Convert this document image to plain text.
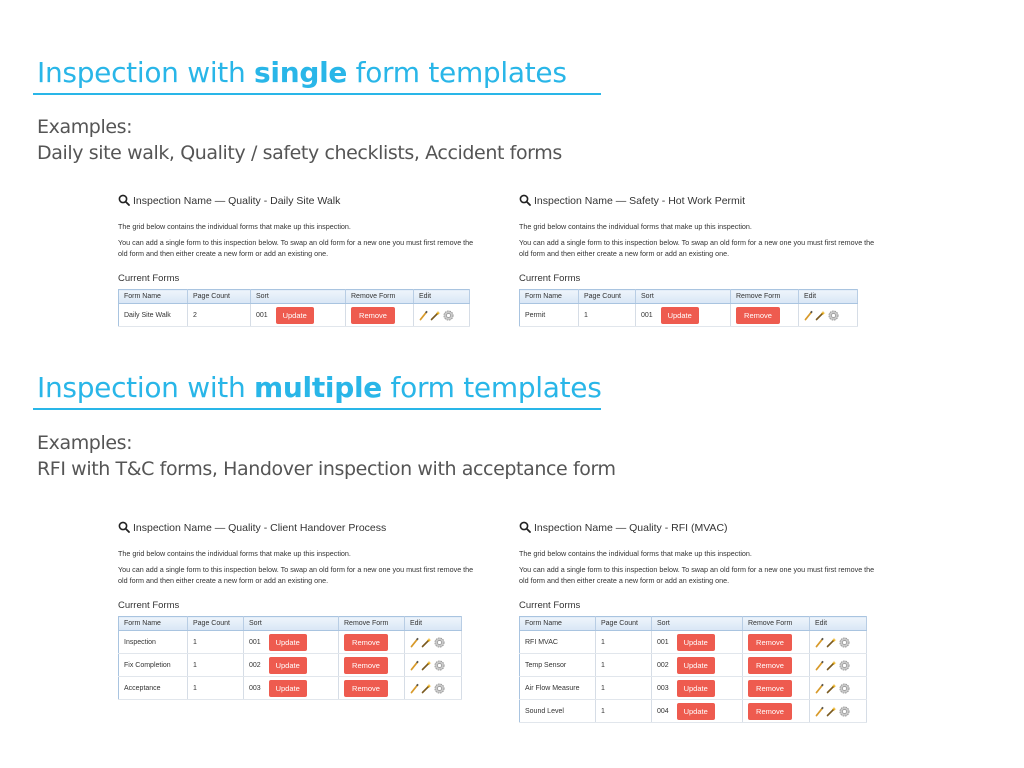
Inspection with single form templates
Examples:
Daily site walk, Quality / safety checklists, Accident forms
Inspection with multiple form templates
Examples:
RFI with T&C forms, Handover inspection with acceptance form
Inspection Name — Quality - Daily Site Walk
The grid below contains the individual forms that make up this inspection.
You can add a single form to this inspection below. To swap an old form for a new one you must first remove the
old form and then either create a new form or add an existing one.
Current Forms
Form Name	Page Count	Sort	Remove Form	Edit
Daily Site Walk	2	001 Update	Remove	
Inspection Name — Safety - Hot Work Permit
The grid below contains the individual forms that make up this inspection.
You can add a single form to this inspection below. To swap an old form for a new one you must first remove the
old form and then either create a new form or add an existing one.
Current Forms
Form Name	Page Count	Sort	Remove Form	Edit
Permit	1	001 Update	Remove	
Inspection Name — Quality - Client Handover Process
The grid below contains the individual forms that make up this inspection.
You can add a single form to this inspection below. To swap an old form for a new one you must first remove the
old form and then either create a new form or add an existing one.
Current Forms
Form Name	Page Count	Sort	Remove Form	Edit
Inspection	1	001 Update	Remove	

Fix Completion	1	002 Update	Remove	

Acceptance	1	003 Update	Remove	
Inspection Name — Quality - RFI (MVAC)
The grid below contains the individual forms that make up this inspection.
You can add a single form to this inspection below. To swap an old form for a new one you must first remove the
old form and then either create a new form or add an existing one.
Current Forms
Form Name	Page Count	Sort	Remove Form	Edit
RFI MVAC	1	001 Update	Remove	

Temp Sensor	1	002 Update	Remove	

Air Flow Measure	1	003 Update	Remove	

Sound Level	1	004 Update	Remove	
